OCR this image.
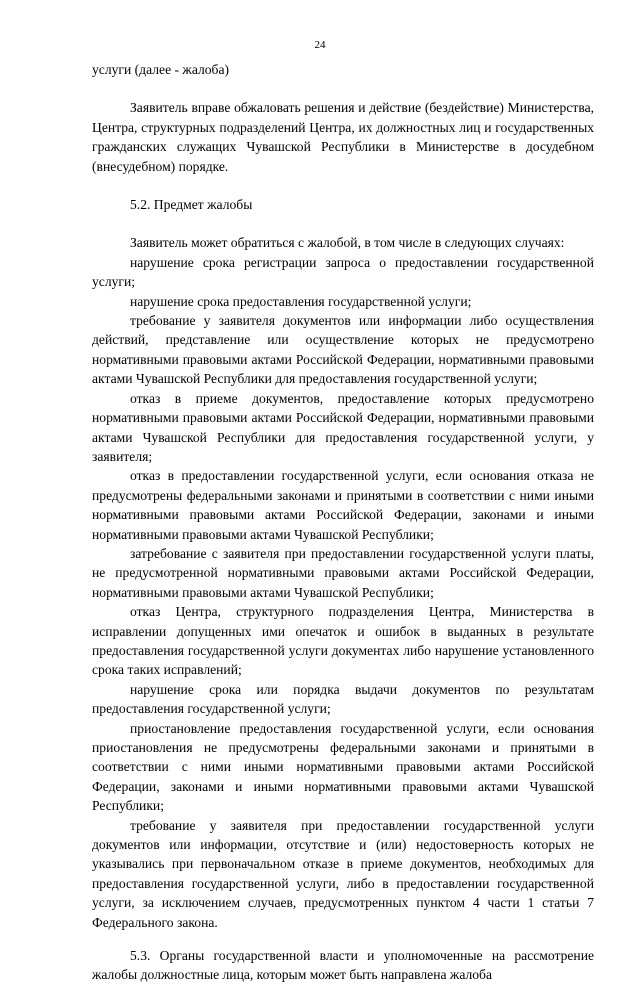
24

услуги (далее - жалоба)

Заявитель вправе обжаловать решения и действие (бездействие) Министерства, Центра, структурных подразделений Центра, их должностных лиц и государственных гражданских служащих Чувашской Республики в Министерстве в досудебном (внесудебном) порядке.

5.2. Предмет жалобы

Заявитель может обратиться с жалобой, в том числе в следующих случаях:

нарушение срока регистрации запроса о предоставлении государственной услуги;

нарушение срока предоставления государственной услуги;

требование у заявителя документов или информации либо осуществления действий, представление или осуществление которых не предусмотрено нормативными правовыми актами Российской Федерации, нормативными правовыми актами Чувашской Республики для предоставления государственной услуги;

отказ в приеме документов, предоставление которых предусмотрено нормативными правовыми актами Российской Федерации, нормативными правовыми актами Чувашской Республики для предоставления государственной услуги, у заявителя;

отказ в предоставлении государственной услуги, если основания отказа не предусмотрены федеральными законами и принятыми в соответствии с ними иными нормативными правовыми актами Российской Федерации, законами и иными нормативными правовыми актами Чувашской Республики;

затребование с заявителя при предоставлении государственной услуги платы, не предусмотренной нормативными правовыми актами Российской Федерации, нормативными правовыми актами Чувашской Республики;

отказ Центра, структурного подразделения Центра, Министерства в исправлении допущенных ими опечаток и ошибок в выданных в результате предоставления государственной услуги документах либо нарушение установленного срока таких исправлений;

нарушение срока или порядка выдачи документов по результатам предоставления государственной услуги;

приостановление предоставления государственной услуги, если основания приостановления не предусмотрены федеральными законами и принятыми в соответствии с ними иными нормативными правовыми актами Российской Федерации, законами и иными нормативными правовыми актами Чувашской Республики;

требование у заявителя при предоставлении государственной услуги документов или информации, отсутствие и (или) недостоверность которых не указывались при первоначальном отказе в приеме документов, необходимых для предоставления государственной услуги, либо в предоставлении государственной услуги, за исключением случаев, предусмотренных пунктом 4 части 1 статьи 7 Федерального закона.

5.3. Органы государственной власти и уполномоченные на рассмотрение жалобы должностные лица, которым может быть направлена жалоба
